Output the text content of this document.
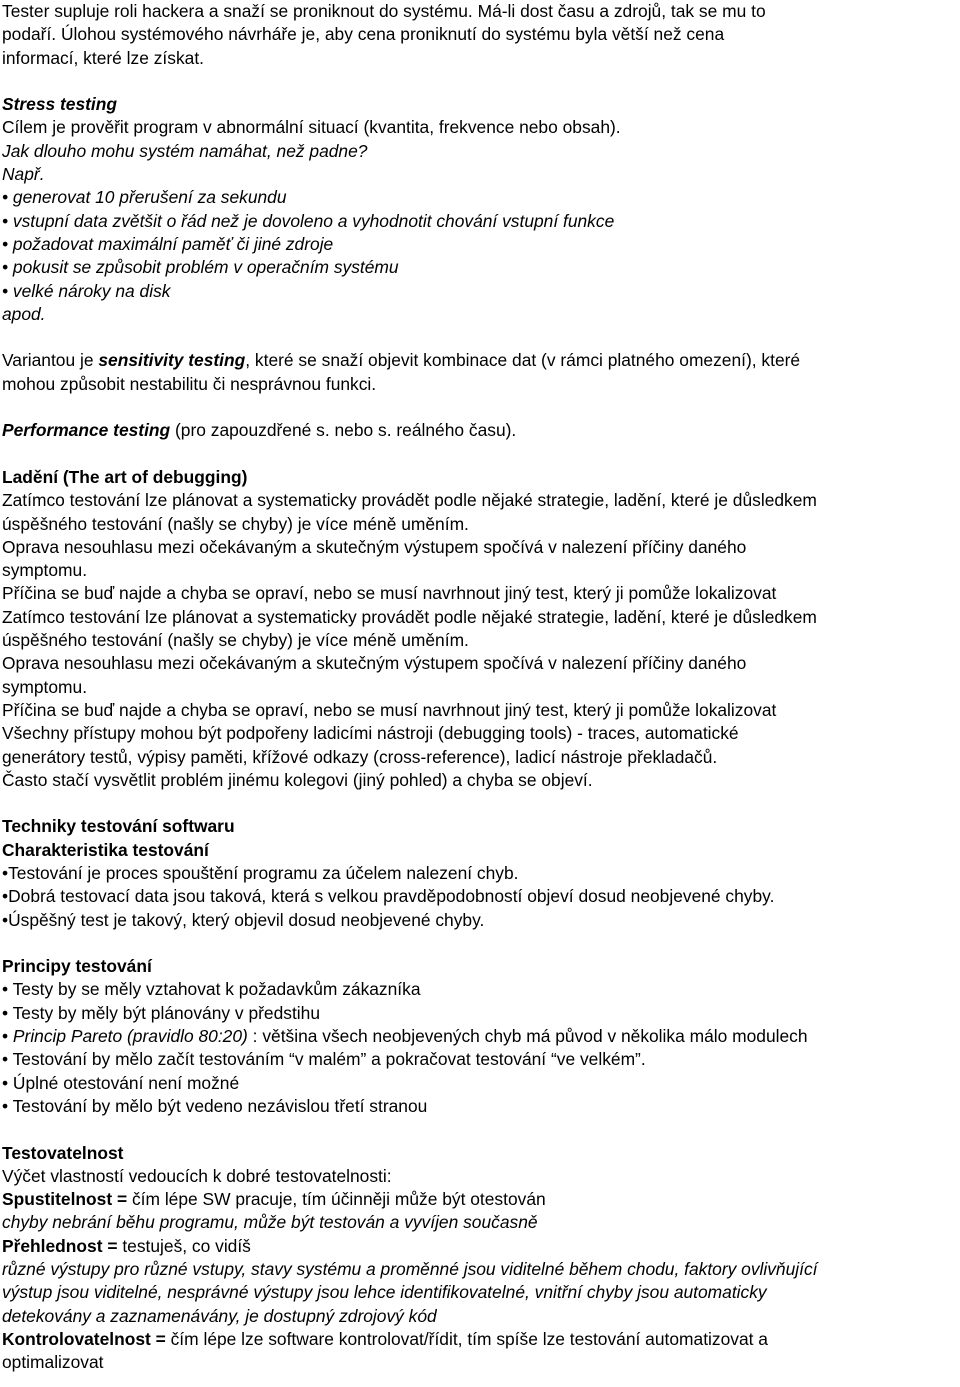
Tester supluje roli hackera a snaží se proniknout do systému. Má-li dost času a zdrojů, tak se mu to
podaří. Úlohou systémového návrháře je, aby cena proniknutí do systému byla větší než cena
informací, které lze získat.
Stress testing
Cílem je prověřit program v abnormální situací (kvantita, frekvence nebo obsah).
Jak dlouho mohu systém namáhat, než padne?
Např.
• generovat 10 přerušení za sekundu
• vstupní data zvětšit o řád než je dovoleno a vyhodnotit chování vstupní funkce
• požadovat maximální paměť či jiné zdroje
• pokusit se způsobit problém v operačním systému
• velké nároky na disk
apod.
Variantou je sensitivity testing, které se snaží objevit kombinace dat (v rámci platného omezení), které
mohou způsobit nestabilitu či nesprávnou funkci.
Performance testing (pro zapouzdřené s. nebo s. reálného času).
Ladění (The art of debugging)
Zatímco testování lze plánovat a systematicky provádět podle nějaké strategie, ladění, které je důsledkem
úspěšného testování (našly se chyby) je více méně uměním.
Oprava nesouhlasu mezi očekávaným a skutečným výstupem spočívá v nalezení příčiny daného
symptomu.
Příčina se buď najde a chyba se opraví, nebo se musí navrhnout jiný test, který ji pomůže lokalizovat
Zatímco testování lze plánovat a systematicky provádět podle nějaké strategie, ladění, které je důsledkem
úspěšného testování (našly se chyby) je více méně uměním.
Oprava nesouhlasu mezi očekávaným a skutečným výstupem spočívá v nalezení příčiny daného
symptomu.
Příčina se buď najde a chyba se opraví, nebo se musí navrhnout jiný test, který ji pomůže lokalizovat
Všechny přístupy mohou být podpořeny ladicími nástroji (debugging tools) - traces, automatické
generátory testů, výpisy paměti, křížové odkazy (cross-reference), ladicí nástroje překladačů.
Často stačí vysvětlit problém jinému kolegovi (jiný pohled) a chyba se objeví.
Techniky testování softwaru
Charakteristika testování
•Testování je proces spouštění programu za účelem nalezení chyb.
•Dobrá testovací data jsou taková, která s velkou pravděpodobností objeví dosud neobjevené chyby.
•Úspěšný test je takový, který objevil dosud neobjevené chyby.
Principy testování
• Testy by se měly vztahovat k požadavkům zákazníka
• Testy by měly být plánovány v předstihu
• Princip Pareto (pravidlo 80:20) : většina všech neobjevených chyb má původ v několika málo modulech
• Testování by mělo začít testováním “v malém” a pokračovat testování “ve velkém”.
• Úplné otestování není možné
• Testování by mělo být vedeno nezávislou třetí stranou
Testovatelnost
Výčet vlastností vedoucích k dobré testovatelnosti:
Spustitelnost = čím lépe SW pracuje, tím účinněji může být otestován
chyby nebrání běhu programu, může být testován a vyvíjen současně
Přehlednost = testuješ, co vidíš
různé výstupy pro různé vstupy, stavy systému a proměnné jsou viditelné během chodu, faktory ovlivňující
výstup jsou viditelné, nesprávné výstupy jsou lehce identifikovatelné, vnitřní chyby jsou automaticky
detekovány a zaznamenávány, je dostupný zdrojový kód
Kontrolovatelnost = čím lépe lze software kontrolovat/řídit, tím spíše lze testování automatizovat a
optimalizovat
